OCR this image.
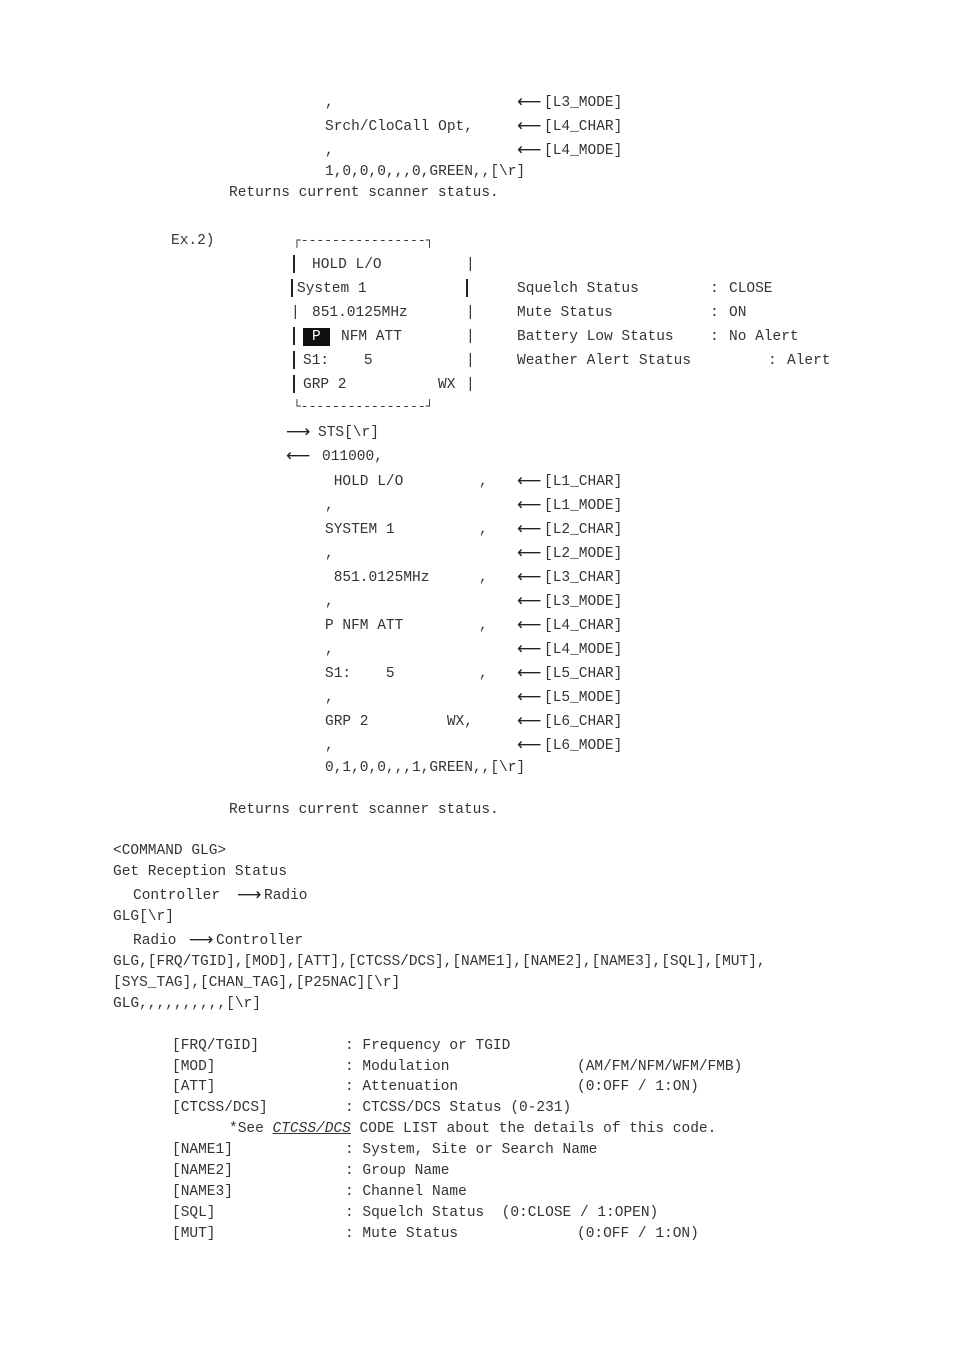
,	⟵ [L3_MODE]
Srch/CloCall Opt,	⟵ [L4_CHAR]
,	⟵ [L4_MODE]
1,0,0,0,,,0,GREEN,,[\r]
Returns current scanner status.
Ex.2)	┌----------------┐
|
|
|
|
|
|
HOLD L/O
System 1
851.0125MHz
P	NFM ATT
S1:    5
GRP 2	WX
└----------------┘
Squelch Status	: CLOSE
Mute Status	: ON
Battery Low Status	: No Alert
Weather Alert Status	: Alert
⟶ STS[\r]
⟵ 011000,
HOLD L/O	, ⟵ [L1_CHAR]
,	⟵ [L1_MODE]
SYSTEM 1	, ⟵ [L2_CHAR]
,	⟵ [L2_MODE]
851.0125MHz	, ⟵ [L3_CHAR]
,	⟵ [L3_MODE]
P NFM ATT	, ⟵ [L4_CHAR]
,	⟵ [L4_MODE]
S1:    5	, ⟵ [L5_CHAR]
,	⟵ [L5_MODE]
GRP 2         WX,	⟵ [L6_CHAR]
,	⟵ [L6_MODE]
0,1,0,0,,,1,GREEN,,[\r]
Returns current scanner status.
<COMMAND GLG>
Get Reception Status
Controller ⟶ Radio
GLG[\r]
Radio ⟶ Controller
GLG,[FRQ/TGID],[MOD],[ATT],[CTCSS/DCS],[NAME1],[NAME2],[NAME3],[SQL],[MUT],
[SYS_TAG],[CHAN_TAG],[P25NAC][\r]
GLG,,,,,,,,,,[\r]
[FRQ/TGID]	: Frequency or TGID
[MOD]	: Modulation	(AM/FM/NFM/WFM/FMB)
[ATT]	: Attenuation	(0:OFF / 1:ON)
[CTCSS/DCS]	: CTCSS/DCS Status (0-231)
*See CTCSS/DCS CODE LIST about the details of this code.
[NAME1]	: System, Site or Search Name
[NAME2]	: Group Name
[NAME3]	: Channel Name
[SQL]	: Squelch Status  (0:CLOSE / 1:OPEN)
[MUT]	: Mute Status	(0:OFF / 1:ON)
